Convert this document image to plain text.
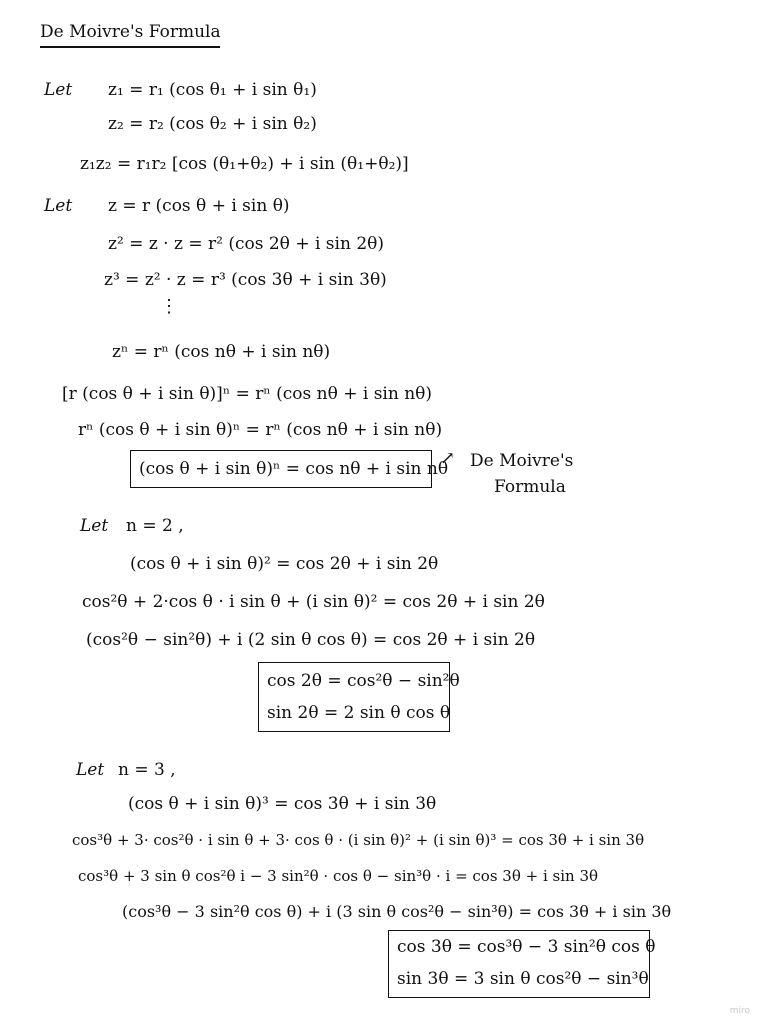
De Moivre's Formula
Let z₁ = r₁ (cos θ₁ + i sin θ₁)
z₂ = r₂ (cos θ₂ + i sin θ₂)
z₁z₂ = r₁r₂ [cos (θ₁+θ₂) + i sin (θ₁+θ₂)]
Let z = r (cos θ + i sin θ)
z² = z · z = r² (cos 2θ + i sin 2θ)
z³ = z² · z = r³ (cos 3θ + i sin 3θ)
⋮
zⁿ = rⁿ (cos nθ + i sin nθ)
[r (cos θ + i sin θ)]ⁿ = rⁿ (cos nθ + i sin nθ)
rⁿ (cos θ + i sin θ)ⁿ = rⁿ (cos nθ + i sin nθ)
(cos θ + i sin θ)ⁿ = cos nθ + i sin nθ
↗ De Moivre's
Formula
Let n = 2 ,
(cos θ + i sin θ)² = cos 2θ + i sin 2θ
cos²θ + 2·cos θ · i sin θ + (i sin θ)² = cos 2θ + i sin 2θ
(cos²θ − sin²θ) + i (2 sin θ cos θ) = cos 2θ + i sin 2θ
cos 2θ = cos²θ − sin²θ
sin 2θ = 2 sin θ cos θ
Let n = 3 ,
(cos θ + i sin θ)³ = cos 3θ + i sin 3θ
cos³θ + 3· cos²θ · i sin θ + 3· cos θ · (i sin θ)² + (i sin θ)³ = cos 3θ + i sin 3θ
cos³θ + 3 sin θ cos²θ i − 3 sin²θ · cos θ − sin³θ · i = cos 3θ + i sin 3θ
(cos³θ − 3 sin²θ cos θ) + i (3 sin θ cos²θ − sin³θ) = cos 3θ + i sin 3θ
cos 3θ = cos³θ − 3 sin²θ cos θ
sin 3θ = 3 sin θ cos²θ − sin³θ
miro
